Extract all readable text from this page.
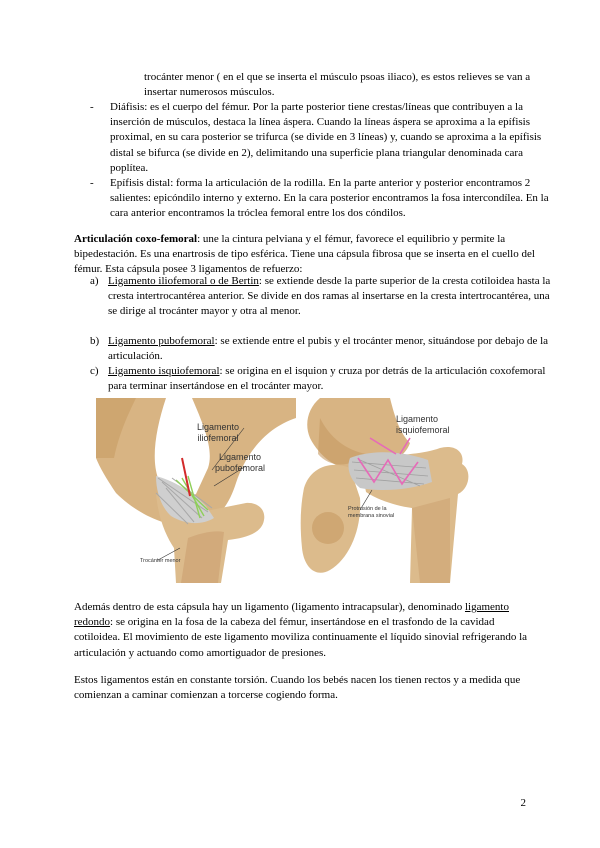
trocánter menor ( en el que se inserta el músculo psoas iliaco), es estos relieves se van a insertar numerosos músculos.

- Diáfisis: es el cuerpo del fémur. Por la parte posterior tiene crestas/líneas que contribuyen a la inserción de músculos, destaca la línea áspera. Cuando la líneas áspera se aproxima a la epífisis proximal, en su cara posterior se trifurca (se divide en 3 líneas) y, cuando se aproxima a la epífisis distal se bifurca (se divide en 2), delimitando una superficie plana triangular denominada cara poplítea.
- Epífisis distal: forma la articulación de la rodilla. En la parte anterior y posterior encontramos 2 salientes: epicóndilo interno y externo. En la cara posterior encontramos la fosa intercondílea. En la cara anterior encontramos la tróclea femoral entre los dos cóndilos.

Articulación coxo-femoral: une la cintura pelviana y el fémur, favorece el equilibrio y permite la bipedestación. Es una enartrosis de tipo esférica. Tiene una cápsula fibrosa que se inserta en el cuello del fémur. Esta cápsula posee 3 ligamentos de refuerzo:

a) Ligamento iliofemoral o de Bertin: se extiende desde la parte superior de la cresta cotiloidea hasta la cresta intertrocantérea anterior. Se divide en dos ramas al insertarse en la cresta intertrocantérea, una se dirige al trocánter mayor y otra al menor.
b) Ligamento pubofemoral: se extiende entre el pubis y el trocánter menor, situándose por debajo de la articulación.
c) Ligamento isquiofemoral: se origina en el isquion y cruza por detrás de la articulación coxofemoral para terminar insertándose en el trocánter mayor.
Ligamento iliofemoral
Ligamento pubofemoral
Trocánter menor
Ligamento isquiofemoral
Protrusión de la membrana sinovial

Además dentro de esta cápsula hay un ligamento (ligamento intracapsular), denominado ligamento redondo: se origina en la fosa de la cabeza del fémur, insertándose en el trasfondo de la cavidad cotiloidea. El movimiento de este ligamento moviliza continuamente el líquido sinovial refrigerando la articulación y actuando como amortiguador de presiones.

Estos ligamentos están en constante torsión. Cuando los bebés nacen los tienen rectos y a medida que comienzan a caminar comienzan a torcerse cogiendo forma.

2
